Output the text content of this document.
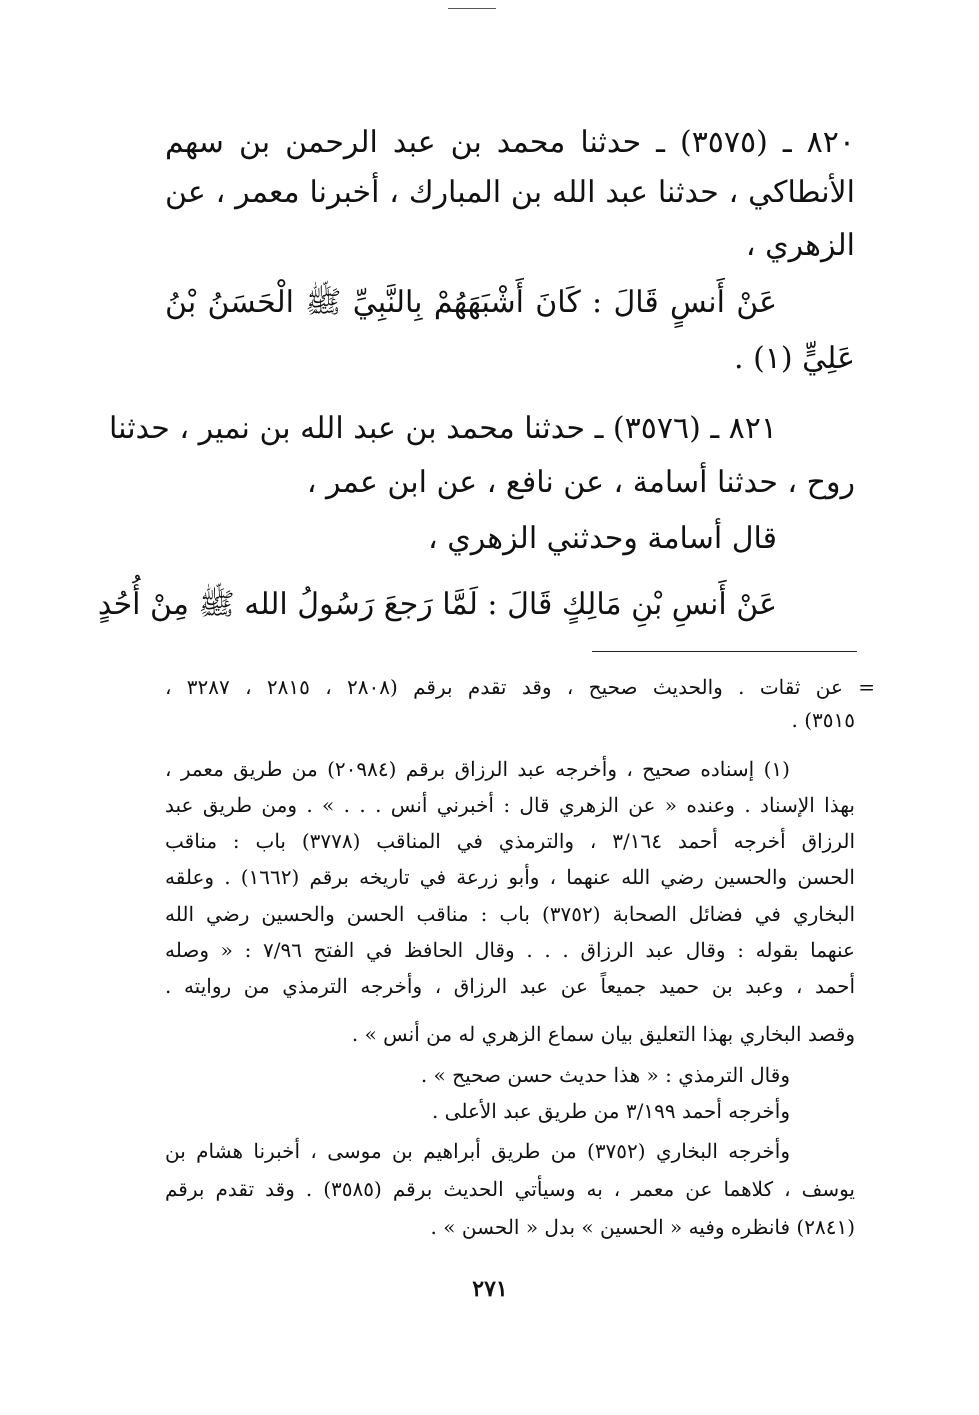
٨٢٠ ـ (٣٥٧٥) ـ حدثنا محمد بن عبد الرحمن بن سهم
الأنطاكي ، حدثنا عبد الله بن المبارك ، أخبرنا معمر ، عن
الزهري ،
عَنْ أَنسٍ قَالَ : كَانَ أَشْبَهَهُمْ بِالنَّبِيِّ ﷺ الْحَسَنُ بْنُ
عَلِيٍّ (١) .
٨٢١ ـ (٣٥٧٦) ـ حدثنا محمد بن عبد الله بن نمير ، حدثنا
روح ، حدثنا أسامة ، عن نافع ، عن ابن عمر ،
قال أسامة وحدثني الزهري ،
عَنْ أَنسِ بْنِ مَالِكٍ قَالَ : لَمَّا رَجعَ رَسُولُ الله ﷺ مِنْ أُحُدٍ
= عن ثقات . والحديث صحيح ، وقد تقدم برقم (٢٨٠٨ ، ٢٨١٥ ، ٣٢٨٧ ،
٣٥١٥) .
(١) إسناده صحيح ، وأخرجه عبد الرزاق برقم (٢٠٩٨٤) من طريق معمر ،
بهذا الإسناد . وعنده « عن الزهري قال : أخبرني أنس . . . » . ومن طريق عبد
الرزاق أخرجه أحمد ٣/١٦٤ ، والترمذي في المناقب (٣٧٧٨) باب : مناقب
الحسن والحسين رضي الله عنهما ، وأبو زرعة في تاريخه برقم (١٦٦٢) . وعلقه
البخاري في فضائل الصحابة (٣٧٥٢) باب : مناقب الحسن والحسين رضي الله
عنهما بقوله : وقال عبد الرزاق . . . وقال الحافظ في الفتح ٧/٩٦ : « وصله
أحمد ، وعبد بن حميد جميعاً عن عبد الرزاق ، وأخرجه الترمذي من روايته .
وقصد البخاري بهذا التعليق بيان سماع الزهري له من أنس » .
وقال الترمذي : « هذا حديث حسن صحيح » .
وأخرجه أحمد ٣/١٩٩ من طريق عبد الأعلى .
وأخرجه البخاري (٣٧٥٢) من طريق أبراهيم بن موسى ، أخبرنا هشام بن
يوسف ، كلاهما عن معمر ، به وسيأتي الحديث برقم (٣٥٨٥) . وقد تقدم برقم
(٢٨٤١) فانظره وفيه « الحسين » بدل « الحسن » .
٢٧١
